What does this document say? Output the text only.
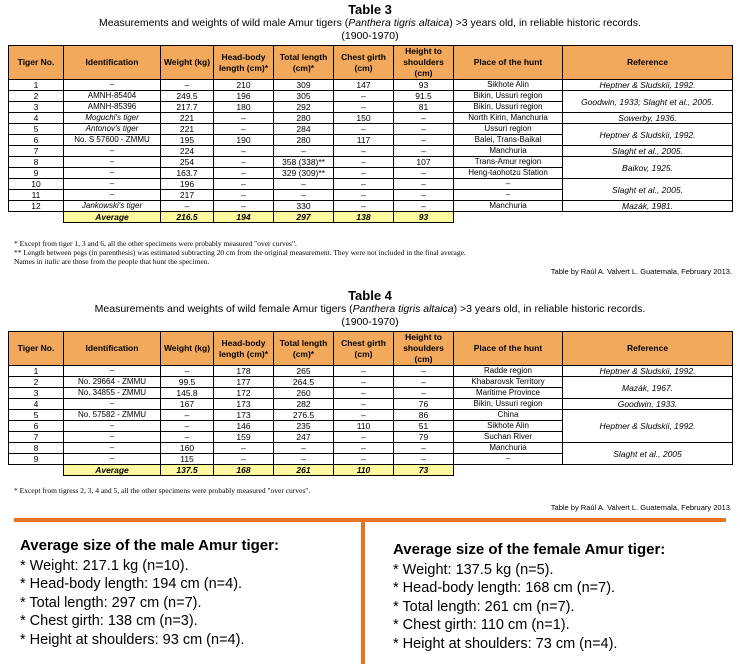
Table 3
Measurements and weights of wild male Amur tigers (Panthera tigris altaica) >3 years old, in reliable historic records.
(1900-1970)
Tiger No.	Identification	Weight (kg)	Head-body length (cm)*	Total length (cm)*	Chest girth (cm)	Height to shoulders (cm)	Place of the hunt	Reference
1	–	–	210	309	147	93	Sikhote Alin	Heptner & Sludskii, 1992.
2	AMNH-85404	249.5	196	305	–	91.5	Bikin, Ussuri region	Goodwin, 1933; Slaght et al., 2005.
3	AMNH-85396	217.7	180	292	–	81	Bikin, Ussuri region	
4	Moguchi's tiger	221	–	280	150	–	North Kirin, Manchuria	Sowerby, 1936.
5	Antonov's tiger	221	–	284	–	–	Ussuri region	Heptner & Sludskii, 1992.
6	No. S 57600 - ZMMU	195	190	280	117	–	Balei, Trans-Baikal	
7	–	224	–	–	–	–	Manchuria	Slaght et al., 2005.
8	–	254	–	358 (338)**	–	107	Trans-Amur region	Baikov, 1925.
9	–	163.7	–	329 (309)**	–	–	Heng-taohotzu Station	
10	–	196	–	–	–	–	–	Slaght et al., 2005.
11	–	217	–	–	–	–	–	
12	Jankowski's tiger	–	–	330	–	–	Manchuria	Mazák, 1981.
	Average	216.5	194	297	138	93		
* Except from tiger 1, 3 and 6, all the other specimens were probably measured "over curves".
** Length between pegs (in parenthesis) was estimated subtracting 20 cm from the original measurement. They were not included in the final average.
Names in italic are those from the people that hunt the specimen.
Table by Raúl A. Valvert L. Guatemala, February 2013.
Table 4
Measurements and weights of wild female Amur tigers (Panthera tigris altaica) >3 years old, in reliable historic records.
(1900-1970)
Tiger No.	Identification	Weight (kg)	Head-body length (cm)*	Total length (cm)*	Chest girth (cm)	Height to shoulders (cm)	Place of the hunt	Reference
1	–	–	178	265	–	–	Radde region	Heptner & Sludskii, 1992.
2	No. 29664 - ZMMU	99.5	177	264.5	–	–	Khabarovsk Territory	Mazák, 1967.
3	No. 34855 - ZMMU	145.8	172	260	–	–	Maritime Province	
4	–	167	173	282	–	76	Bikin, Ussuri region	Goodwin, 1933.
5	No. 57582 - ZMMU	–	173	276.5	–	86	China	Heptner & Sludskii, 1992.
6	–	–	146	235	110	51	Sikhote Alin	
7	–	–	159	247	–	79	Suchan River	
8	–	160	–	–	–	–	Manchuria	Slaght et al., 2005
9	–	115	–	–	–	–	–	
	Average	137.5	168	261	110	73		
* Except from tigress 2, 3, 4 and 5, all the other specimens were probably measured "over curves".
Table by Raúl A. Valvert L. Guatemala, February 2013.
Average size of the male Amur tiger:
* Weight: 217.1 kg (n=10).
* Head-body length: 194 cm (n=4).
* Total length: 297 cm (n=7).
* Chest girth: 138 cm (n=3).
* Height at shoulders: 93 cm (n=4).
Average size of the female Amur tiger:
* Weight: 137.5 kg (n=5).
* Head-body length: 168 cm (n=7).
* Total length: 261 cm (n=7).
* Chest girth: 110 cm (n=1).
* Height at shoulders: 73 cm (n=4).
